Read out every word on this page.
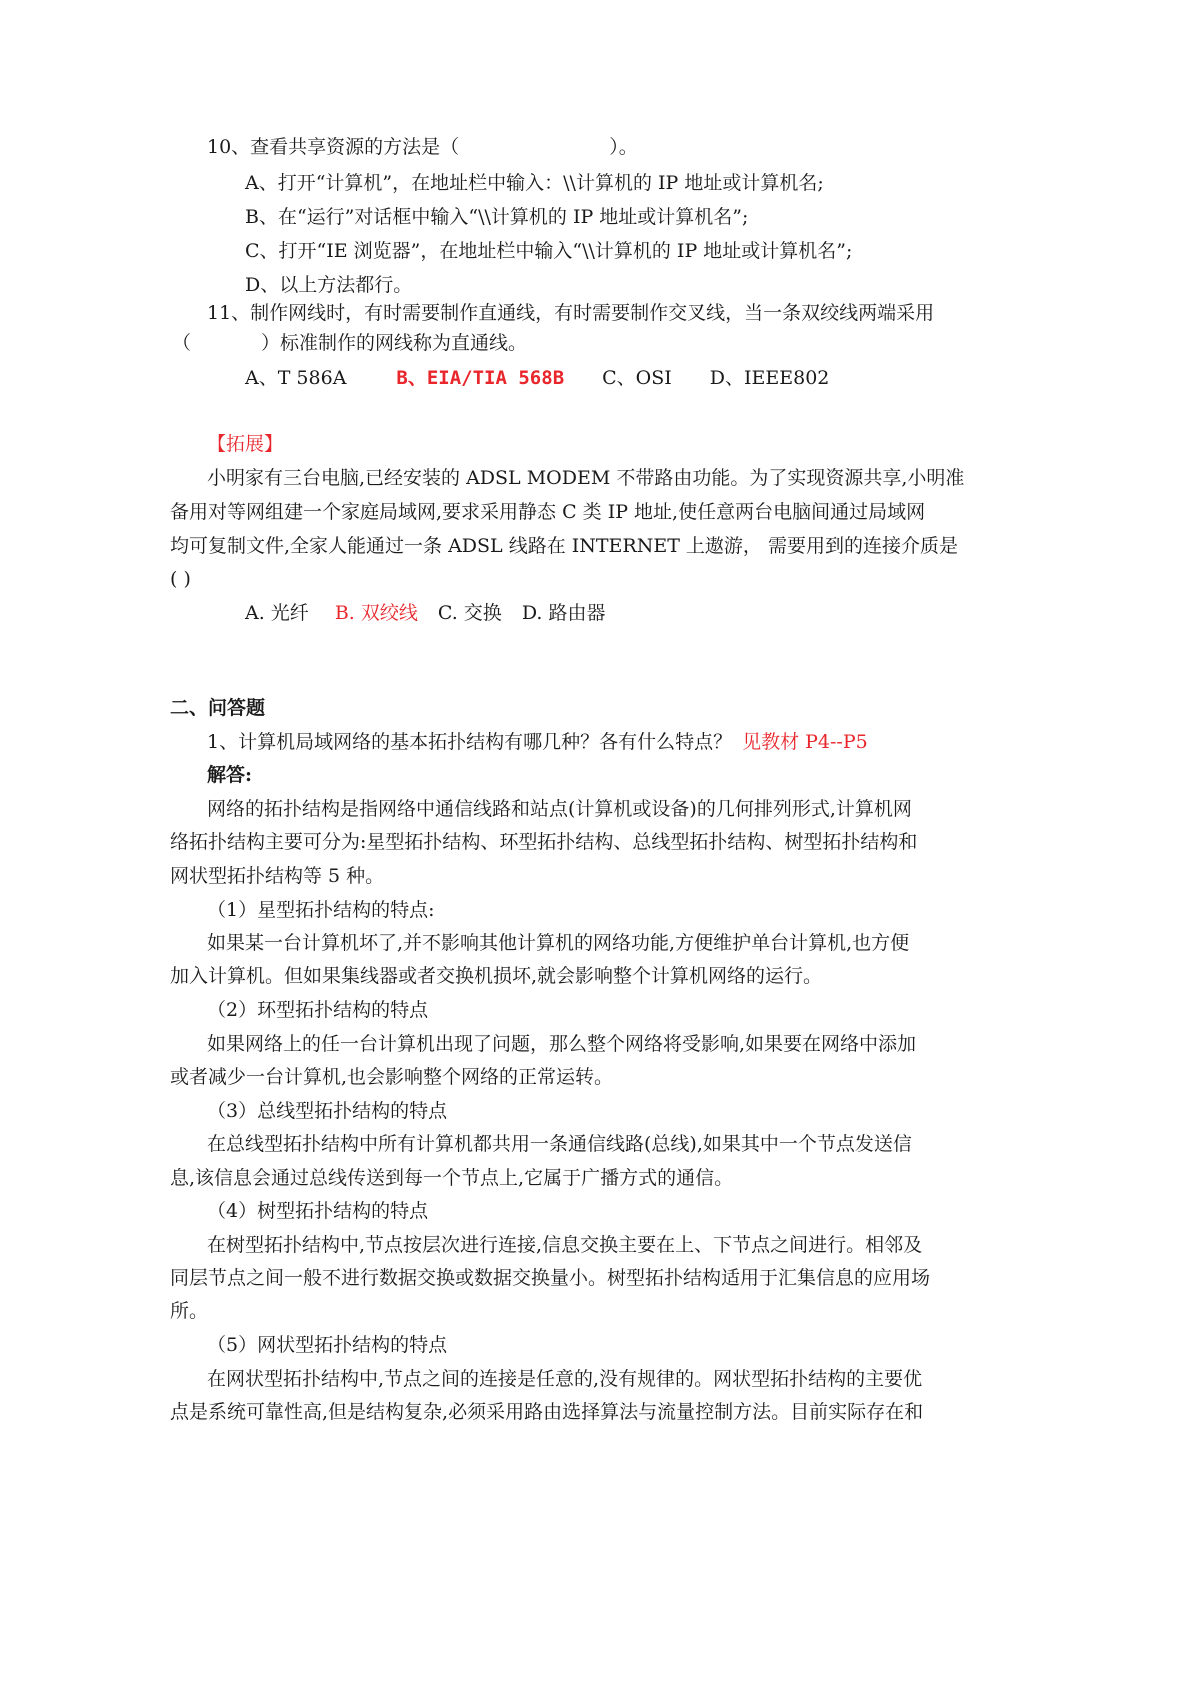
10、查看共享资源的方法是（	）。
A、打开“计算机”，在地址栏中输入：\\计算机的 IP 地址或计算机名;
B、在“运行”对话框中输入“\\计算机的 IP 地址或计算机名”;
C、打开“IE 浏览器”，在地址栏中输入“\\计算机的 IP 地址或计算机名”;
D、以上方法都行。
11、制作网线时，有时需要制作直通线，有时需要制作交叉线，当一条双绞线两端采用
（	）标准制作的网线称为直通线。
A、T 586A	B、EIA/TIA 568B C、OSI D、IEEE802
【拓展】
小明家有三台电脑,已经安装的 ADSL MODEM 不带路由功能。为了实现资源共享,小明准
备用对等网组建一个家庭局域网,要求采用静态 C 类 IP 地址,使任意两台电脑间通过局域网
均可复制文件,全家人能通过一条 ADSL 线路在 INTERNET 上遨游， 需要用到的连接介质是
( )
A. 光纤 B. 双绞线 C. 交换 D. 路由器
二、问答题
1、计算机局域网络的基本拓扑结构有哪几种？各有什么特点？ 见教材 P4--P5
解答:
网络的拓扑结构是指网络中通信线路和站点(计算机或设备)的几何排列形式,计算机网
络拓扑结构主要可分为:星型拓扑结构、环型拓扑结构、总线型拓扑结构、树型拓扑结构和
网状型拓扑结构等 5 种。
（1）星型拓扑结构的特点:
如果某一台计算机坏了,并不影响其他计算机的网络功能,方便维护单台计算机,也方便
加入计算机。但如果集线器或者交换机损坏,就会影响整个计算机网络的运行。
（2）环型拓扑结构的特点
如果网络上的任一台计算机出现了问题，那么整个网络将受影响,如果要在网络中添加
或者减少一台计算机,也会影响整个网络的正常运转。
（3）总线型拓扑结构的特点
在总线型拓扑结构中所有计算机都共用一条通信线路(总线),如果其中一个节点发送信
息,该信息会通过总线传送到每一个节点上,它属于广播方式的通信。
（4）树型拓扑结构的特点
在树型拓扑结构中,节点按层次进行连接,信息交换主要在上、下节点之间进行。相邻及
同层节点之间一般不进行数据交换或数据交换量小。树型拓扑结构适用于汇集信息的应用场
所。
（5）网状型拓扑结构的特点
在网状型拓扑结构中,节点之间的连接是任意的,没有规律的。网状型拓扑结构的主要优
点是系统可靠性高,但是结构复杂,必须采用路由选择算法与流量控制方法。目前实际存在和
